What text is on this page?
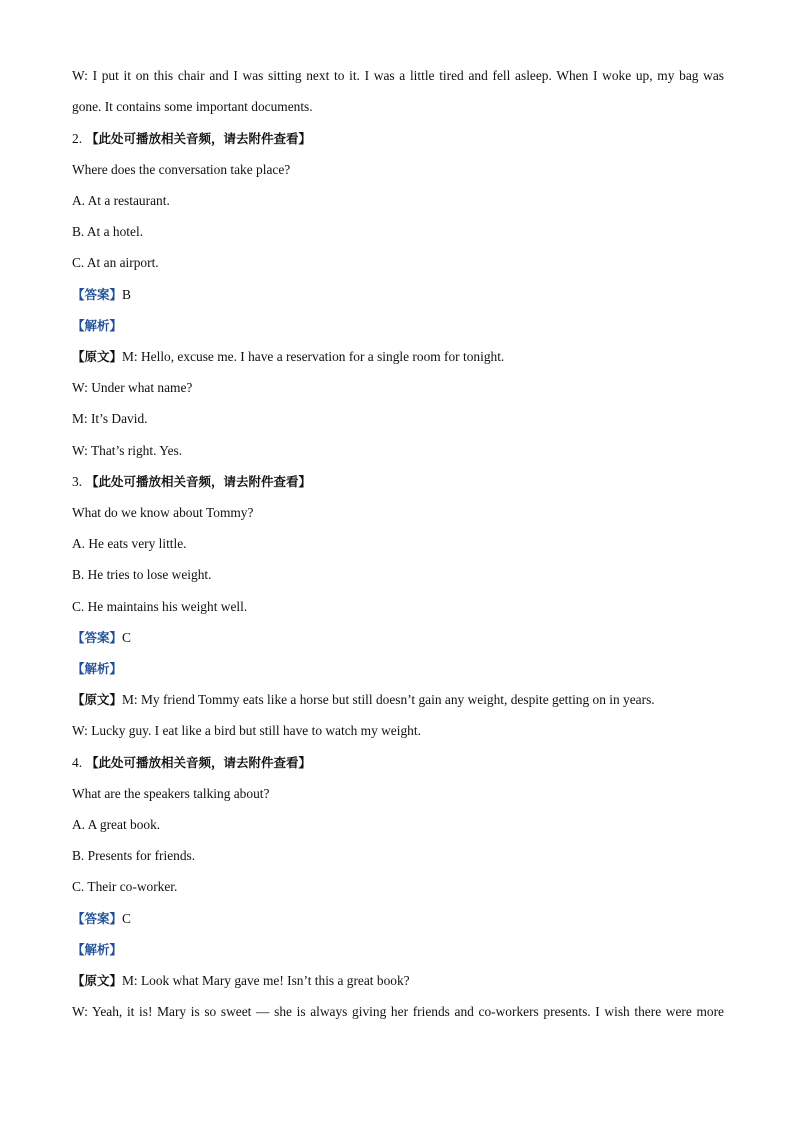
W: I put it on this chair and I was sitting next to it. I was a little tired and fell asleep. When I woke up, my bag was
gone. It contains some important documents.
2. 【此处可播放相关音频，请去附件查看】
Where does the conversation take place?
A. At a restaurant.
B. At a hotel.
C. At an airport.
【答案】B
【解析】
【原文】M: Hello, excuse me. I have a reservation for a single room for tonight.
W: Under what name?
M: It’s David.
W: That’s right. Yes.
3. 【此处可播放相关音频，请去附件查看】
What do we know about Tommy?
A. He eats very little.
B. He tries to lose weight.
C. He maintains his weight well.
【答案】C
【解析】
【原文】M: My friend Tommy eats like a horse but still doesn’t gain any weight, despite getting on in years.
W: Lucky guy. I eat like a bird but still have to watch my weight.
4. 【此处可播放相关音频，请去附件查看】
What are the speakers talking about?
A. A great book.
B. Presents for friends.
C. Their co-worker.
【答案】C
【解析】
【原文】M: Look what Mary gave me! Isn’t this a great book?
W: Yeah, it is! Mary is so sweet — she is always giving her friends and co-workers presents. I wish there were more
